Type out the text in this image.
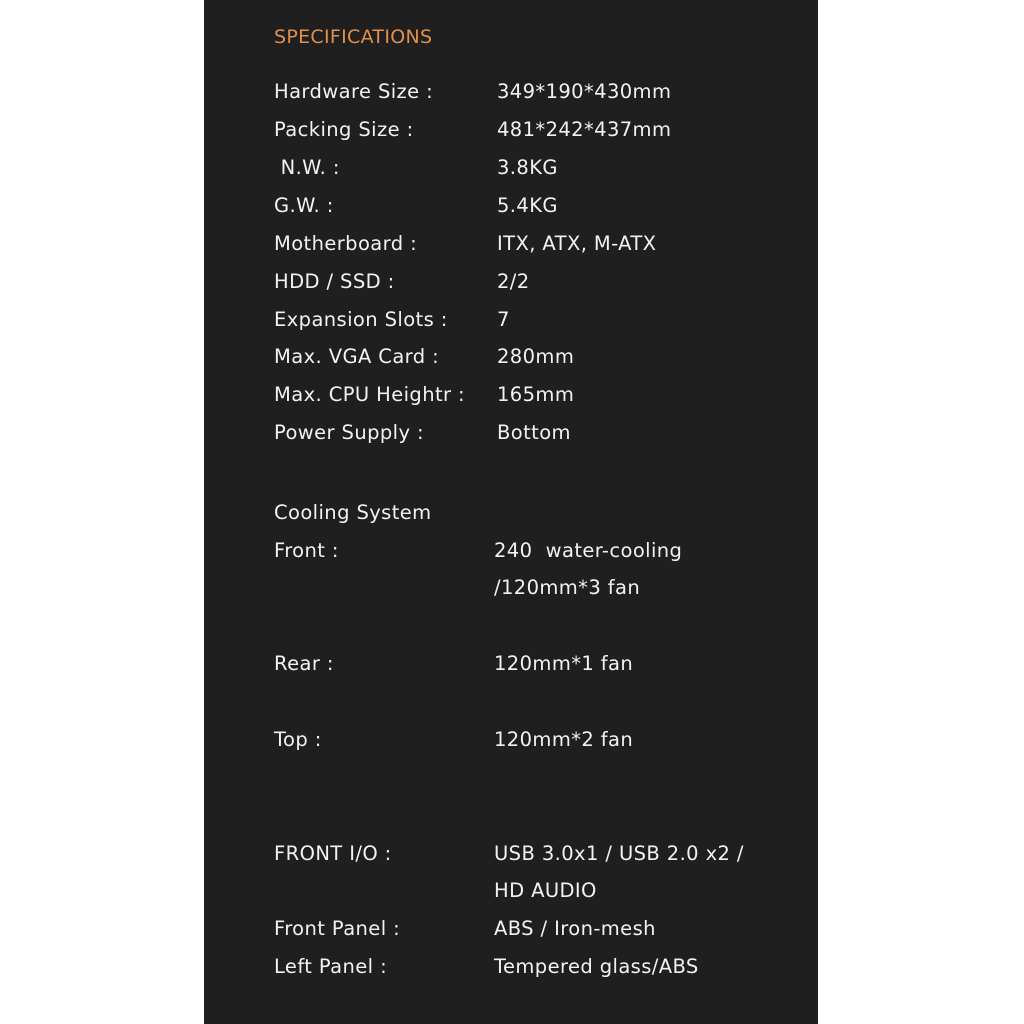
SPECIFICATIONS
Hardware Size :	349*190*430mm
Packing Size :	481*242*437mm
N.W. :	3.8KG
G.W. :	5.4KG
Motherboard :	ITX, ATX, M-ATX
HDD / SSD :	2/2
Expansion Slots :	7
Max. VGA Card :	280mm
Max. CPU Heightr : 165mm
Power Supply :	Bottom
Cooling System
Front :	240  water-cooling
/120mm*3 fan
Rear :	120mm*1 fan
Top :	120mm*2 fan
FRONT I/O :	USB 3.0x1 / USB 2.0 x2 /
HD AUDIO
Front Panel :	ABS / Iron-mesh
Left Panel :	Tempered glass/ABS
